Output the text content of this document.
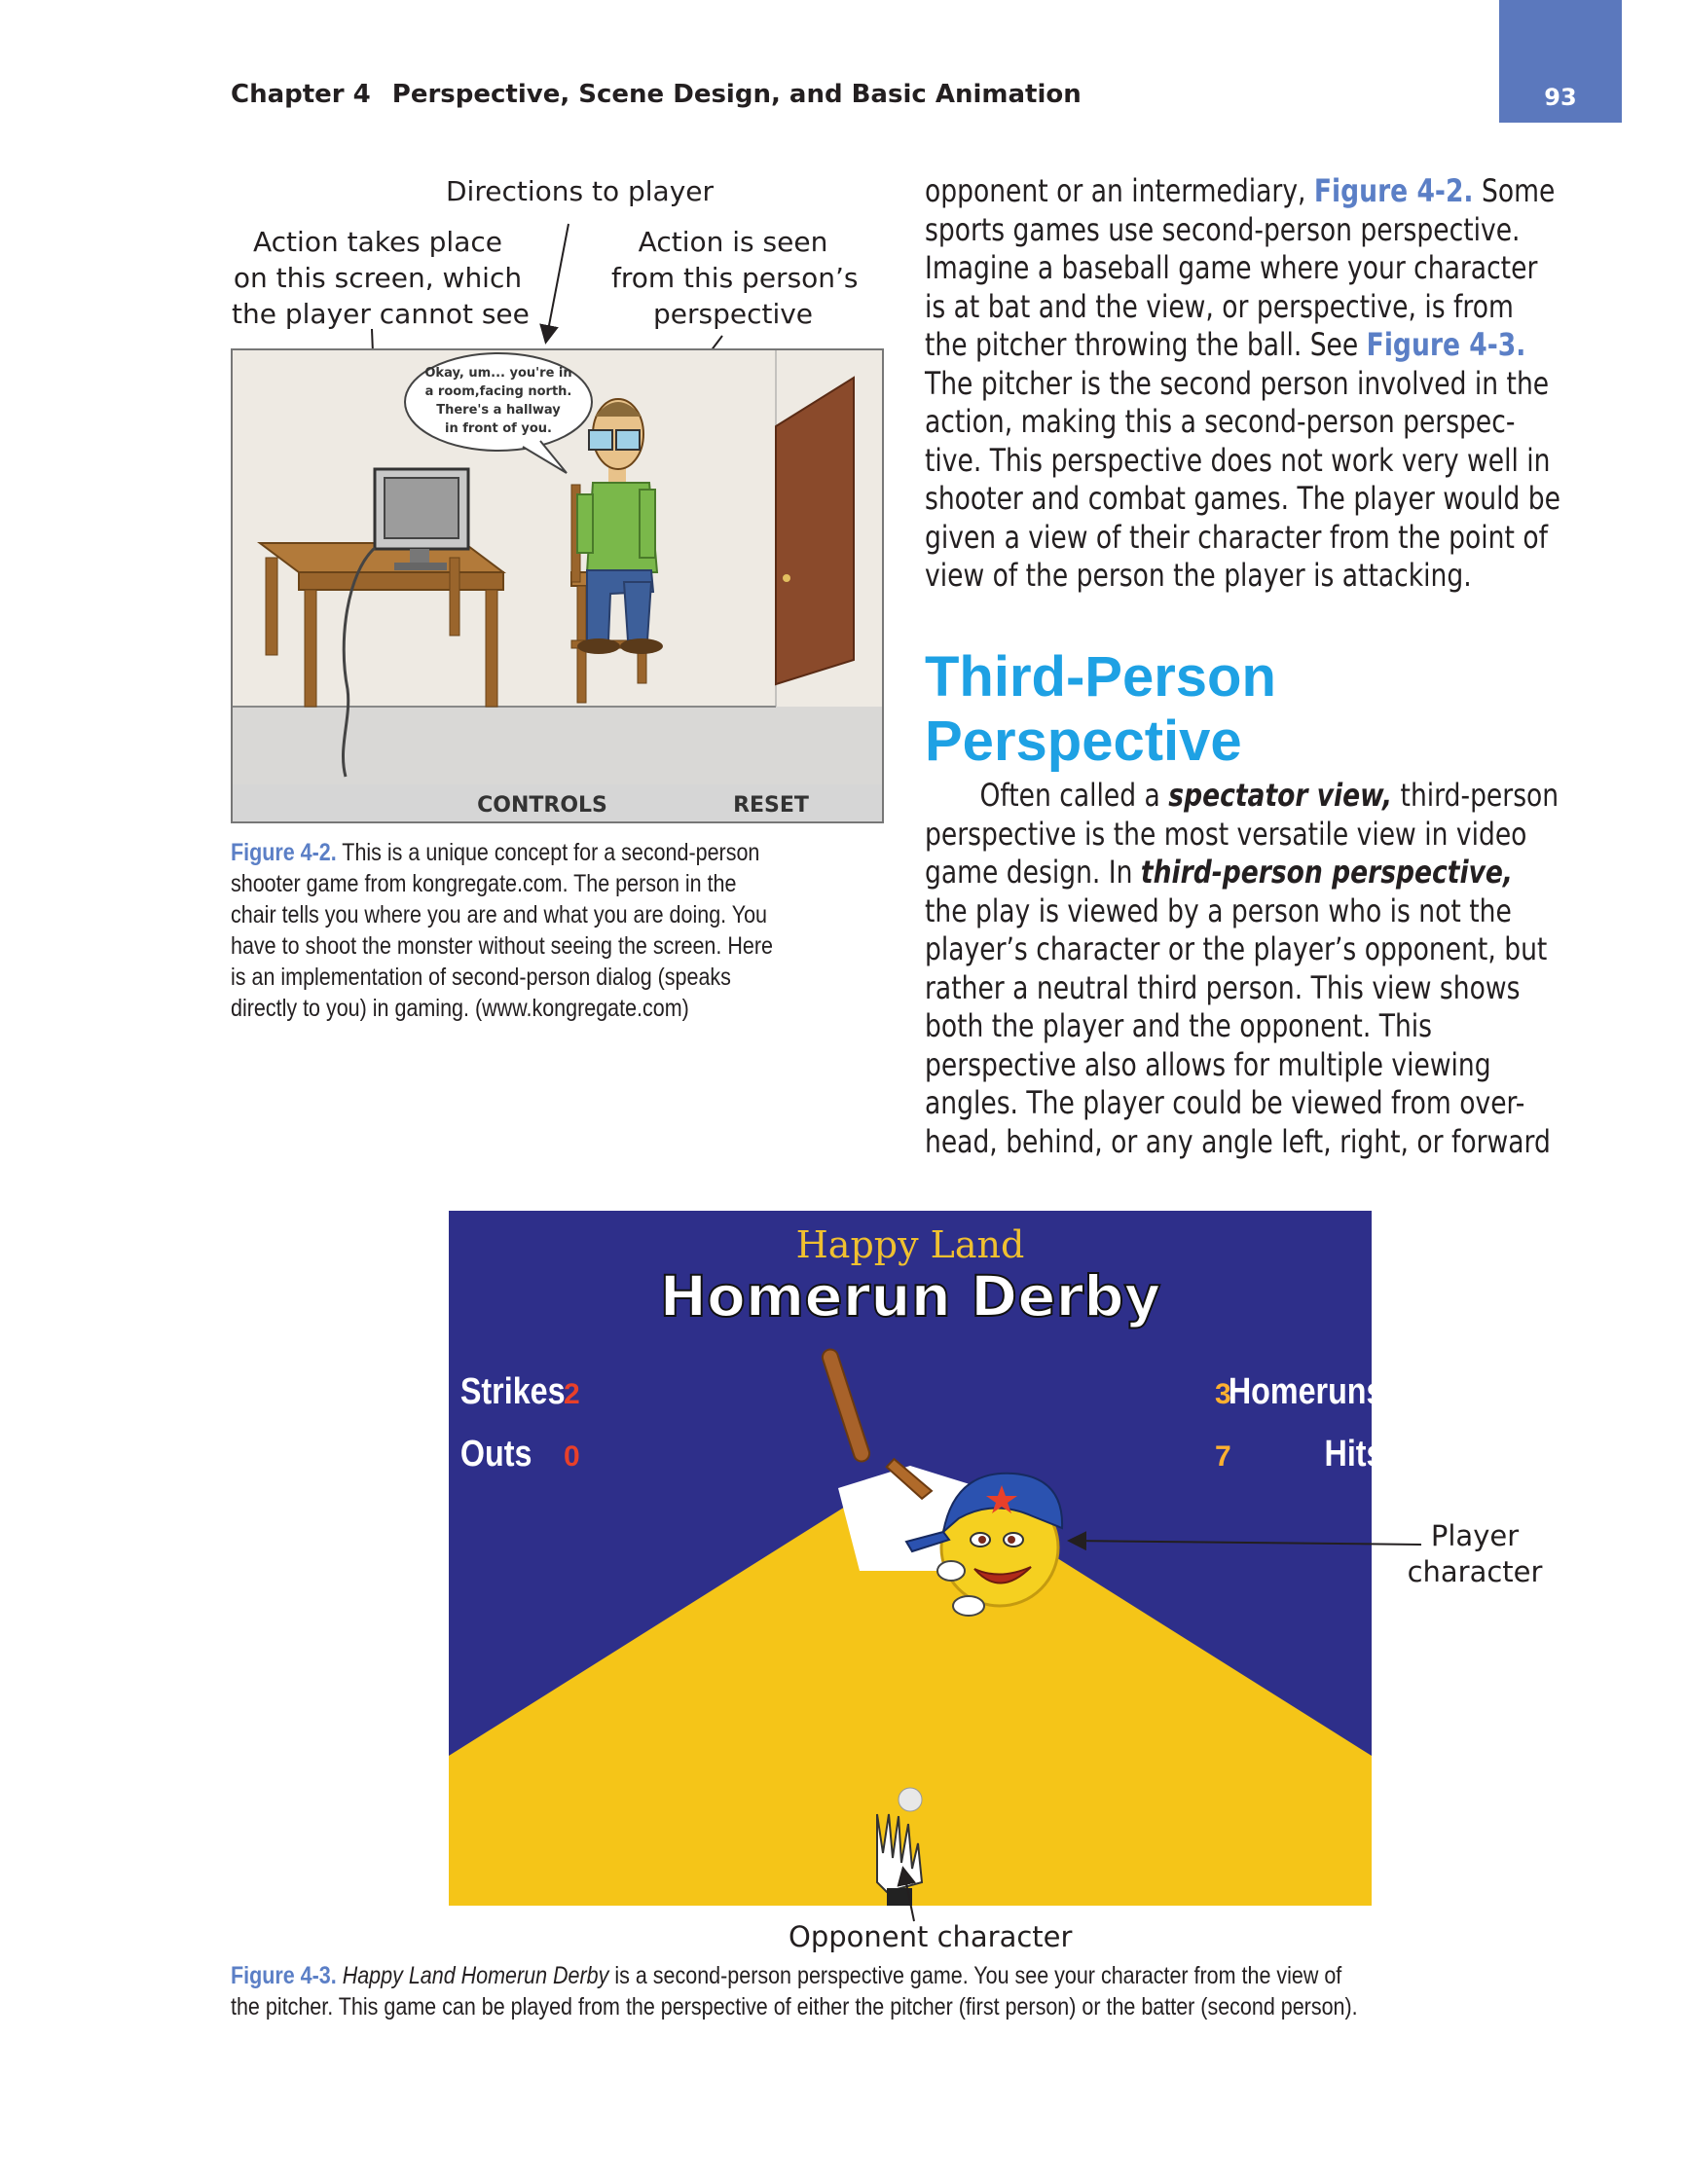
Chapter 4 Perspective, Scene Design, and Basic Animation	93
Directions to player
Action takes place
on this screen, which
the player cannot see
Action is seen
from this person’s
perspective
Okay, um... you're in
a room,facing north.
There's a hallway
in front of you.
CONTROLS	RESET
Figure 4-2. This is a unique concept for a second-person
shooter game from kongregate.com. The person in the
chair tells you where you are and what you are doing. You
have to shoot the monster without seeing the screen. Here
is an implementation of second-person dialog (speaks
directly to you) in gaming. (www.kongregate.com)
opponent or an intermediary, Figure 4-2. Some
sports games use second-person perspective.
Imagine a baseball game where your character
is at bat and the view, or perspective, is from
the pitcher throwing the ball. See Figure 4-3.
The pitcher is the second person involved in the
action, making this a second-person perspec-
tive. This perspective does not work very well in
shooter and combat games. The player would be
given a view of their character from the point of
view of the person the player is attacking.
Third-Person
Perspective
Often called a spectator view, third-person
perspective is the most versatile view in video
game design. In third-person perspective,
the play is viewed by a person who is not the
player’s character or the player’s opponent, but
rather a neutral third person. This view shows
both the player and the opponent. This
perspective also allows for multiple viewing
angles. The player could be viewed from over-
head, behind, or any angle left, right, or forward
Happy Land
Homerun Derby
Strikes
2
Outs 0
3
Homeruns
7	Hits
Player
character
Opponent character
Figure 4-3. Happy Land Homerun Derby is a second-person perspective game. You see your character from the view of
the pitcher. This game can be played from the perspective of either the pitcher (first person) or the batter (second person).
